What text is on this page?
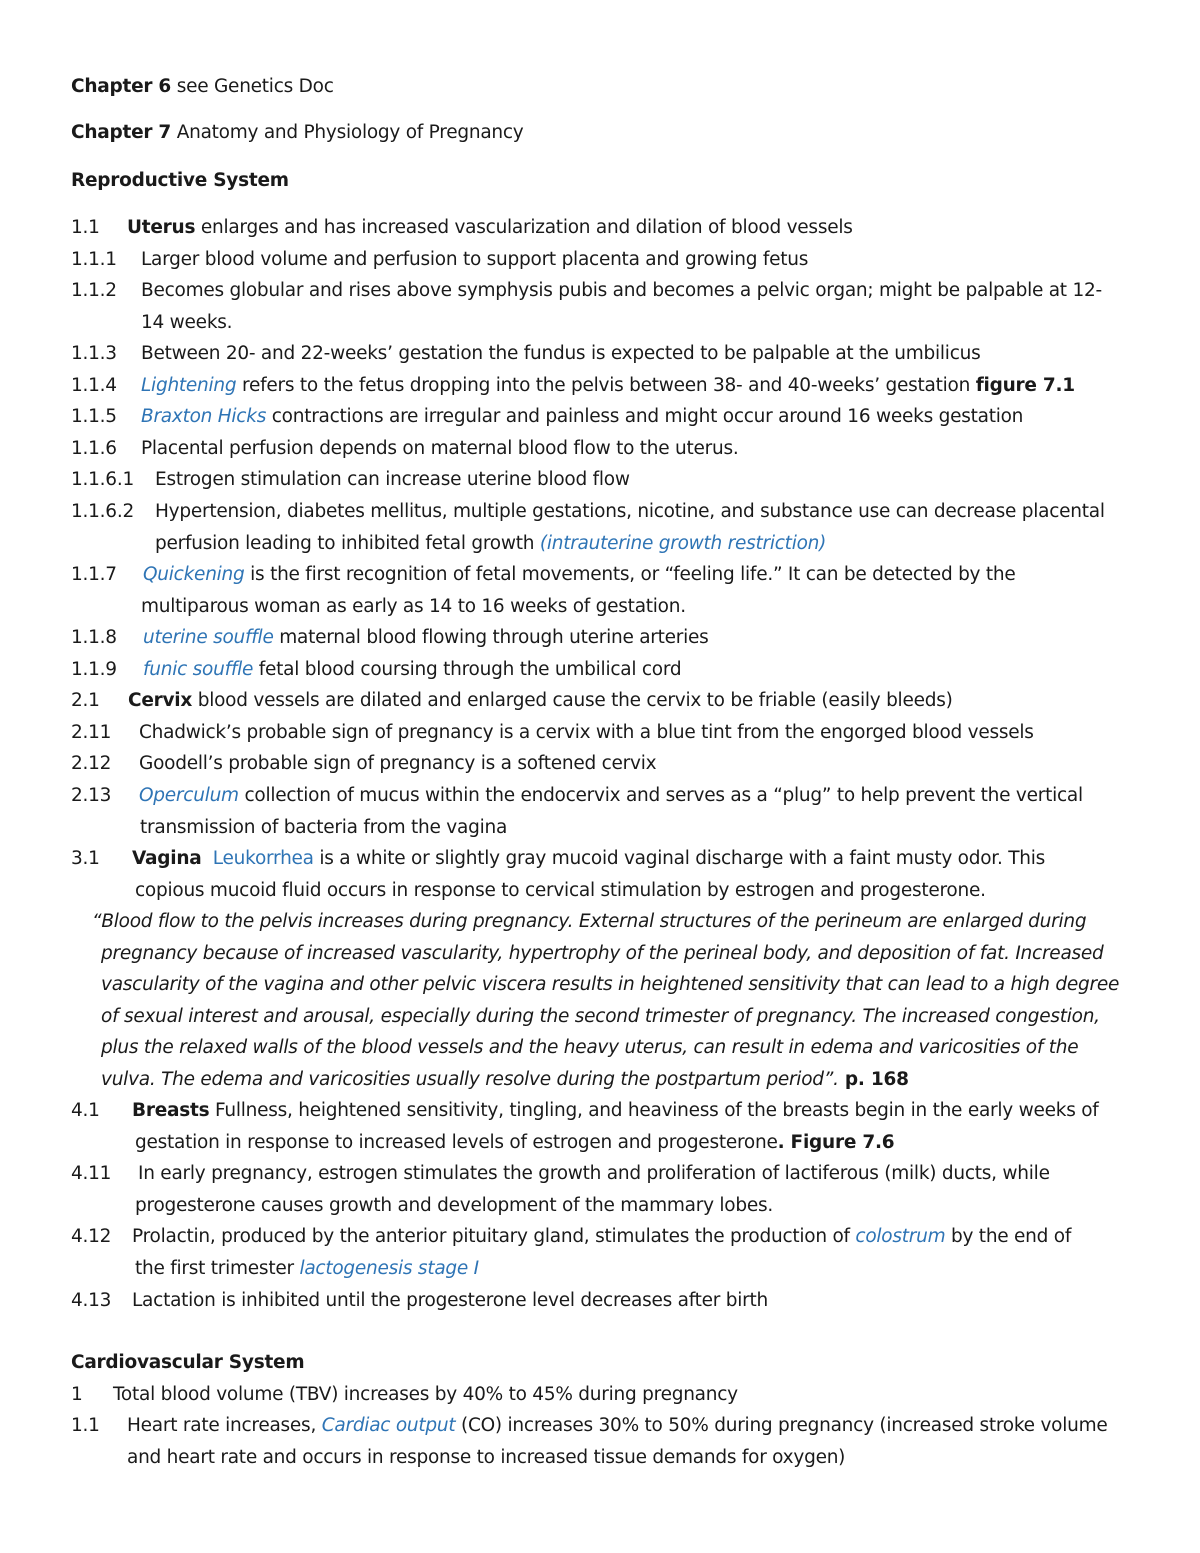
Chapter 6 see Genetics Doc
Chapter 7 Anatomy and Physiology of Pregnancy
Reproductive System
1.1 Uterus enlarges and has increased vascularization and dilation of blood vessels
1.1.1 Larger blood volume and perfusion to support placenta and growing fetus
1.1.2 Becomes globular and rises above symphysis pubis and becomes a pelvic organ; might be palpable at 12-
14 weeks.
1.1.3 Between 20- and 22-weeks’ gestation the fundus is expected to be palpable at the umbilicus
1.1.4 Lightening refers to the fetus dropping into the pelvis between 38- and 40-weeks’ gestation figure 7.1
1.1.5 Braxton Hicks contractions are irregular and painless and might occur around 16 weeks gestation
1.1.6 Placental perfusion depends on maternal blood flow to the uterus.
1.1.6.1 Estrogen stimulation can increase uterine blood flow
1.1.6.2 Hypertension, diabetes mellitus, multiple gestations, nicotine, and substance use can decrease placental
perfusion leading to inhibited fetal growth (intrauterine growth restriction)
1.1.7 Quickening is the first recognition of fetal movements, or “feeling life.” It can be detected by the
multiparous woman as early as 14 to 16 weeks of gestation.
1.1.8 uterine souffle maternal blood flowing through uterine arteries
1.1.9 funic souffle fetal blood coursing through the umbilical cord
2.1 Cervix blood vessels are dilated and enlarged cause the cervix to be friable (easily bleeds)
2.11 Chadwick’s probable sign of pregnancy is a cervix with a blue tint from the engorged blood vessels
2.12 Goodell’s probable sign of pregnancy is a softened cervix
2.13 Operculum collection of mucus within the endocervix and serves as a “plug” to help prevent the vertical
transmission of bacteria from the vagina
3.1 Vagina Leukorrhea is a white or slightly gray mucoid vaginal discharge with a faint musty odor. This
copious mucoid fluid occurs in response to cervical stimulation by estrogen and progesterone.
“Blood flow to the pelvis increases during pregnancy. External structures of the perineum are enlarged during
pregnancy because of increased vascularity, hypertrophy of the perineal body, and deposition of fat. Increased
vascularity of the vagina and other pelvic viscera results in heightened sensitivity that can lead to a high degree
of sexual interest and arousal, especially during the second trimester of pregnancy. The increased congestion,
plus the relaxed walls of the blood vessels and the heavy uterus, can result in edema and varicosities of the
vulva. The edema and varicosities usually resolve during the postpartum period”. p. 168
4.1 Breasts Fullness, heightened sensitivity, tingling, and heaviness of the breasts begin in the early weeks of
gestation in response to increased levels of estrogen and progesterone. Figure 7.6
4.11 In early pregnancy, estrogen stimulates the growth and proliferation of lactiferous (milk) ducts, while
progesterone causes growth and development of the mammary lobes.
4.12 Prolactin, produced by the anterior pituitary gland, stimulates the production of colostrum by the end of
the first trimester lactogenesis stage I
4.13 Lactation is inhibited until the progesterone level decreases after birth
Cardiovascular System
1 Total blood volume (TBV) increases by 40% to 45% during pregnancy
1.1 Heart rate increases, Cardiac output (CO) increases 30% to 50% during pregnancy (increased stroke volume
and heart rate and occurs in response to increased tissue demands for oxygen)
